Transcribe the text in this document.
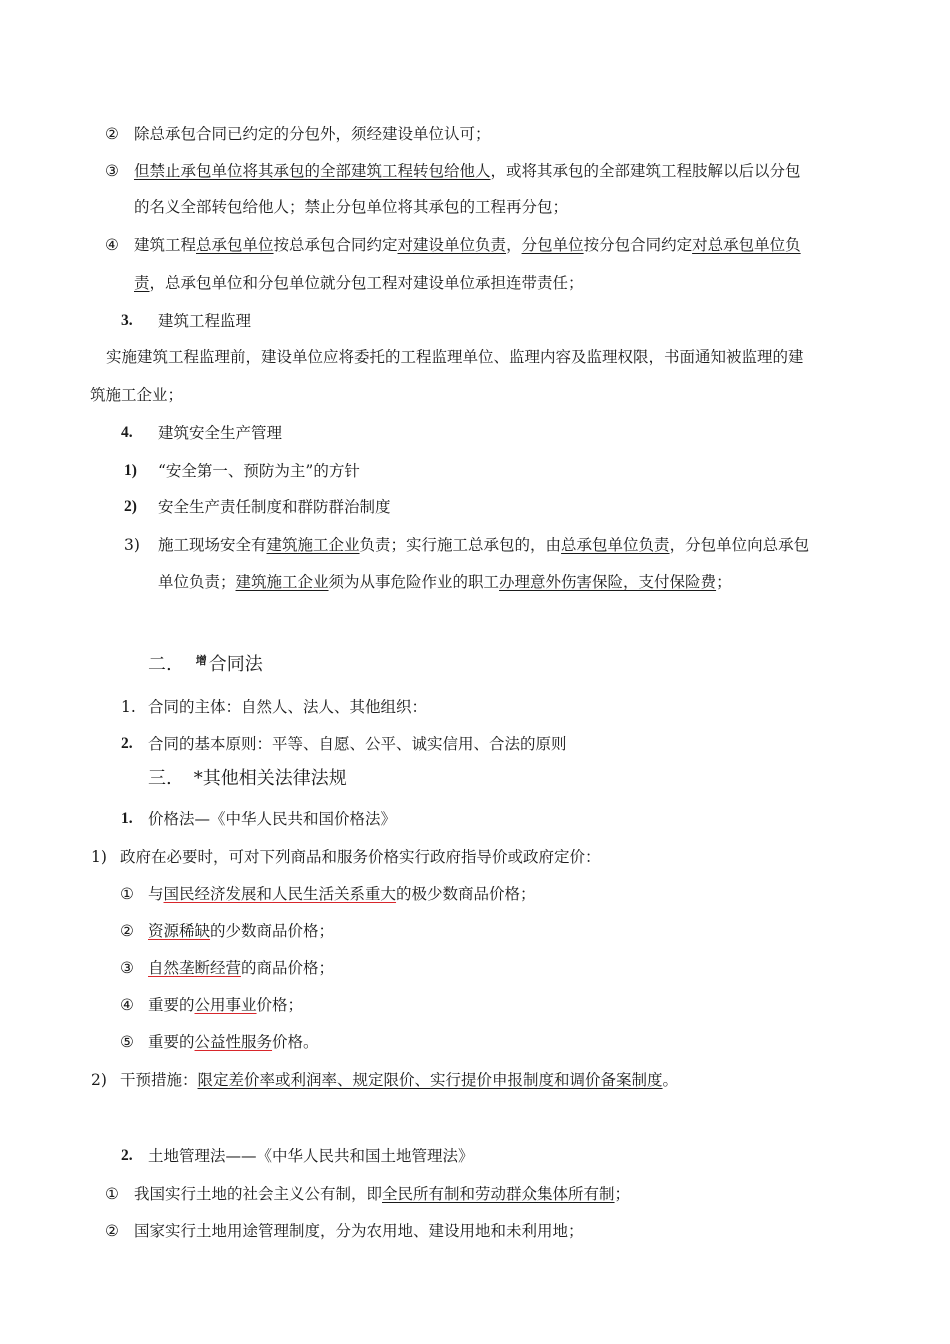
② 除总承包合同已约定的分包外，须经建设单位认可；
③ 但禁止承包单位将其承包的全部建筑工程转包给他人，或将其承包的全部建筑工程肢解以后以分包
的名义全部转包给他人；禁止分包单位将其承包的工程再分包；
④ 建筑工程总承包单位按总承包合同约定对建设单位负责，分包单位按分包合同约定对总承包单位负
责，总承包单位和分包单位就分包工程对建设单位承担连带责任；
3. 建筑工程监理
实施建筑工程监理前，建设单位应将委托的工程监理单位、监理内容及监理权限，书面通知被监理的建
筑施工企业；
4. 建筑安全生产管理
1) “安全第一、预防为主”的方针
2) 安全生产责任制度和群防群治制度
3) 施工现场安全有建筑施工企业负责；实行施工总承包的，由总承包单位负责，分包单位向总承包
单位负责；建筑施工企业须为从事危险作业的职工办理意外伤害保险，支付保险费；
二. $^增$ 合同法
1. 合同的主体：自然人、法人、其他组织：
2. 合同的基本原则：平等、自愿、公平、诚实信用、合法的原则
三. *其他相关法律法规
1. 价格法—《中华人民共和国价格法》
1) 政府在必要时，可对下列商品和服务价格实行政府指导价或政府定价：
① 与国民经济发展和人民生活关系重大的极少数商品价格；
② 资源稀缺的少数商品价格；
③ 自然垄断经营的商品价格；
④ 重要的公用事业价格；
⑤ 重要的公益性服务价格。
2) 干预措施：限定差价率或利润率、规定限价、实行提价申报制度和调价备案制度。
2. 土地管理法——《中华人民共和国土地管理法》
① 我国实行土地的社会主义公有制，即全民所有制和劳动群众集体所有制；
② 国家实行土地用途管理制度，分为农用地、建设用地和未利用地；
